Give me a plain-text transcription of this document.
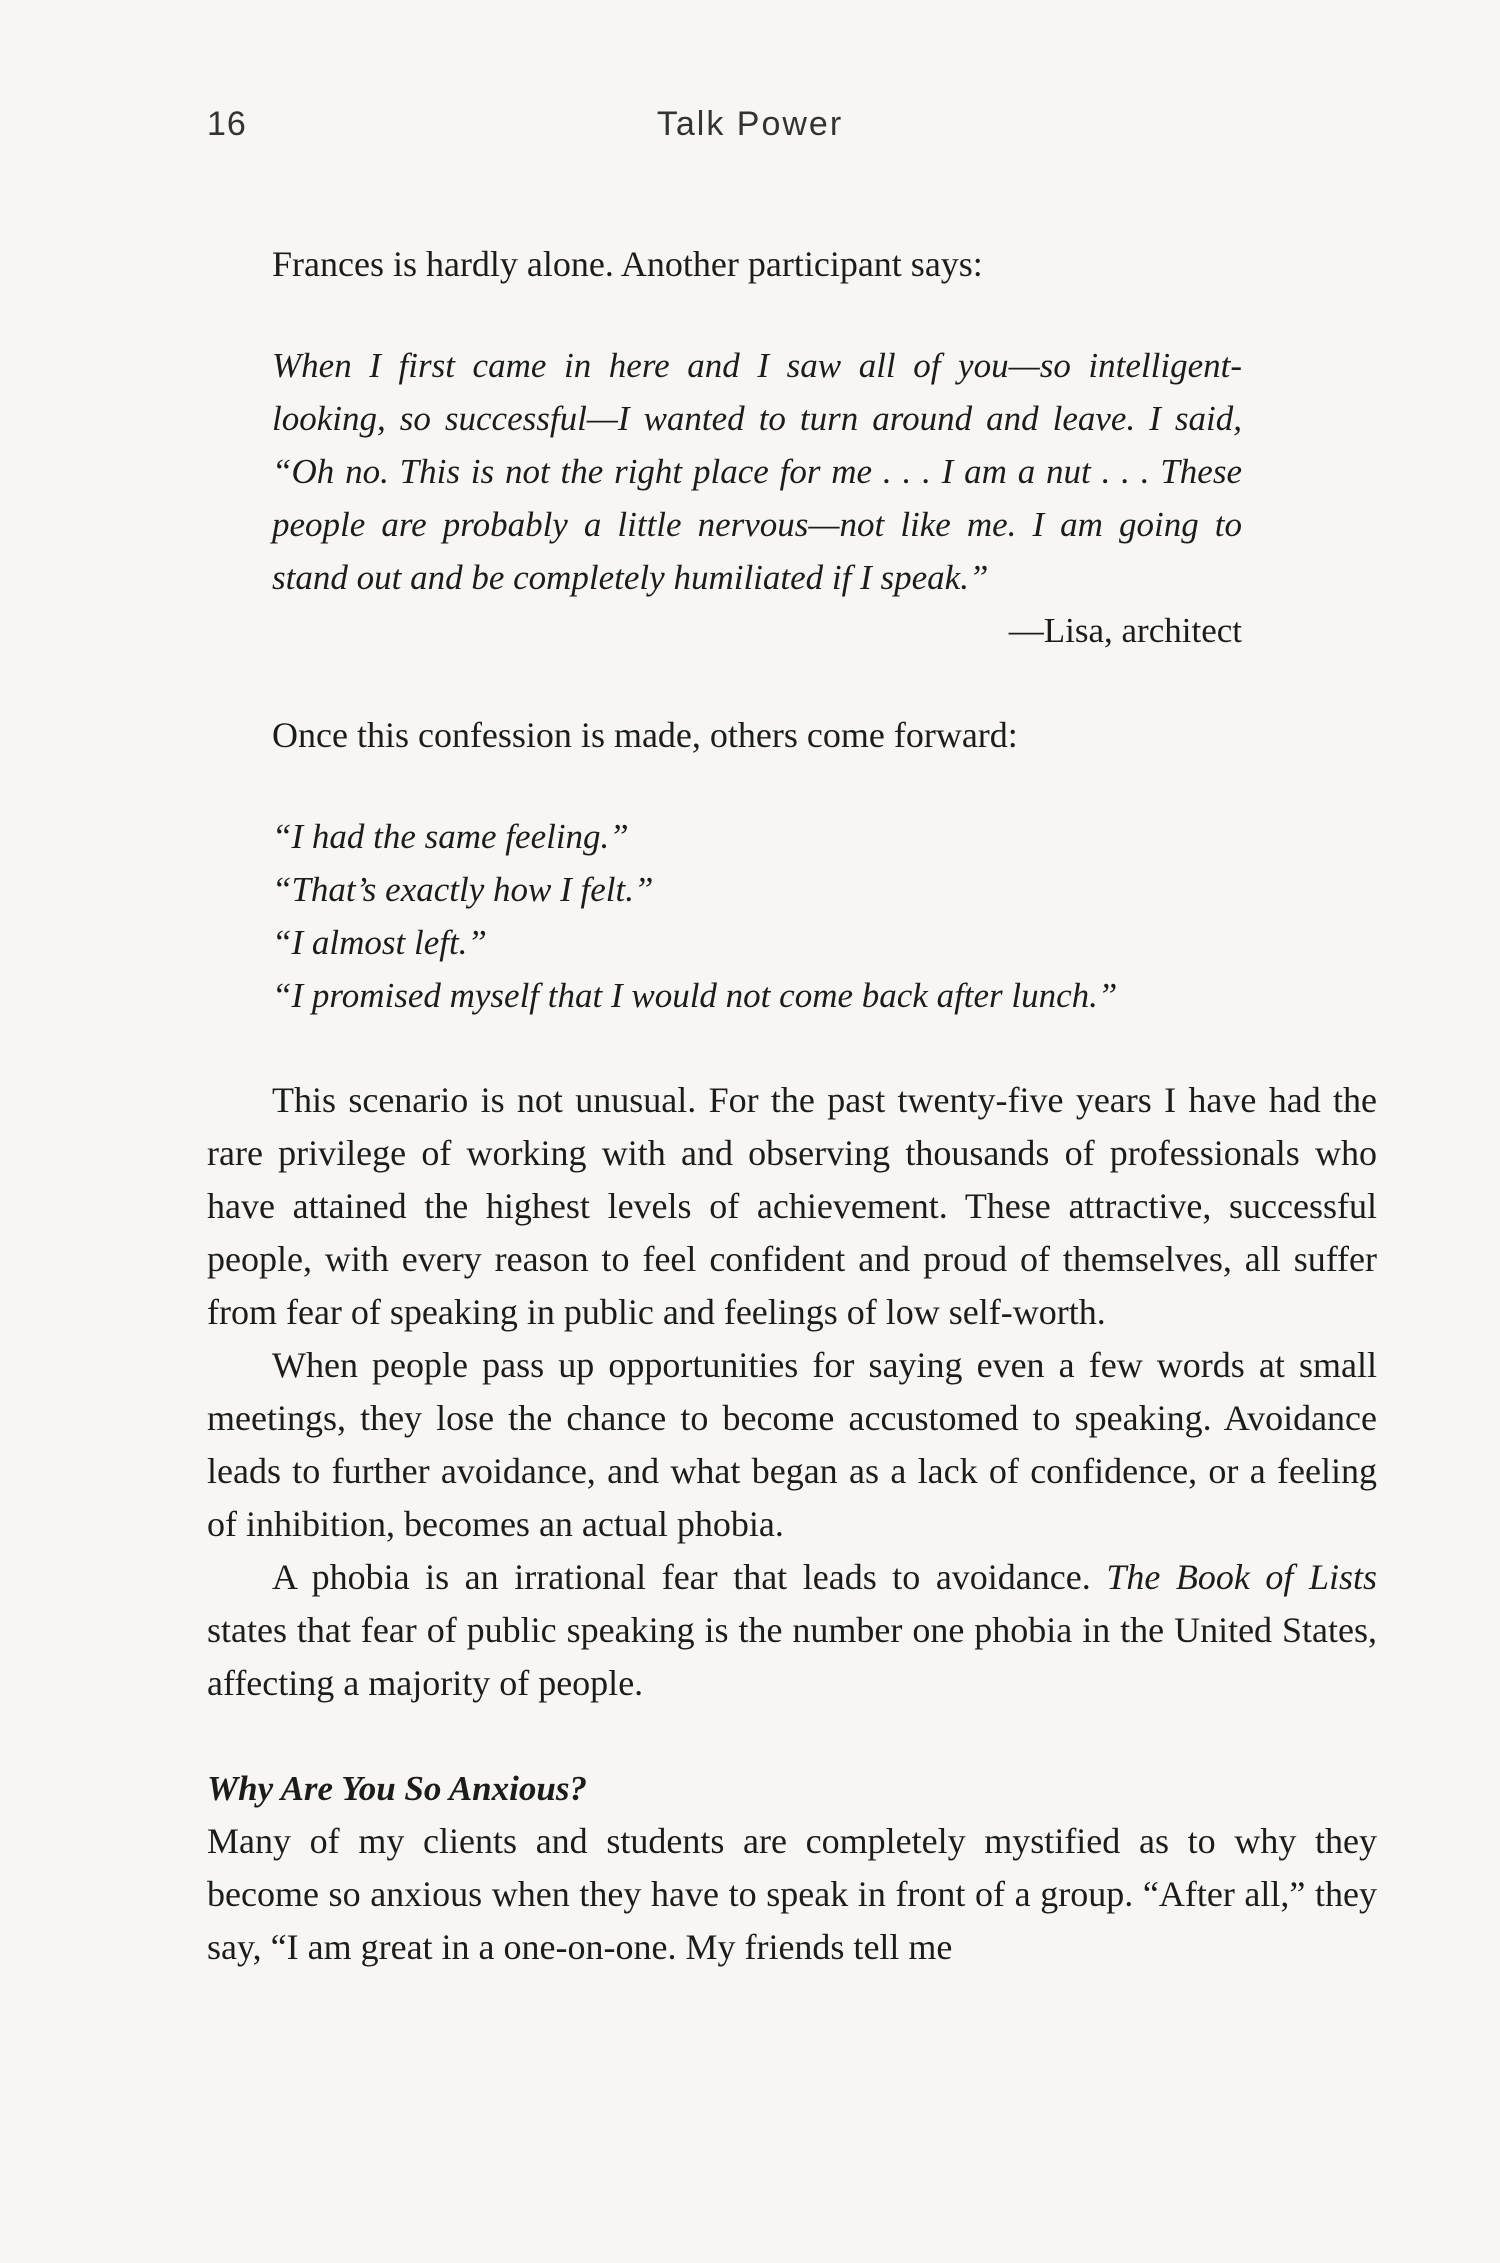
16	Talk Power

Frances is hardly alone. Another participant says:

When I first came in here and I saw all of you—so intelligent-looking, so successful—I wanted to turn around and leave. I said, “Oh no. This is not the right place for me . . . I am a nut . . . These people are probably a little nervous—not like me. I am going to stand out and be completely humiliated if I speak.”

—Lisa, architect

Once this confession is made, others come forward:

“I had the same feeling.”
“That’s exactly how I felt.”
“I almost left.”
“I promised myself that I would not come back after lunch.”

This scenario is not unusual. For the past twenty-five years I have had the rare privilege of working with and observing thousands of professionals who have attained the highest levels of achievement. These attractive, successful people, with every reason to feel confident and proud of themselves, all suffer from fear of speaking in public and feelings of low self-worth.

When people pass up opportunities for saying even a few words at small meetings, they lose the chance to become accustomed to speaking. Avoidance leads to further avoidance, and what began as a lack of confidence, or a feeling of inhibition, becomes an actual phobia.

A phobia is an irrational fear that leads to avoidance. The Book of Lists states that fear of public speaking is the number one phobia in the United States, affecting a majority of people.

Why Are You So Anxious?

Many of my clients and students are completely mystified as to why they become so anxious when they have to speak in front of a group. “After all,” they say, “I am great in a one-on-one. My friends tell me
